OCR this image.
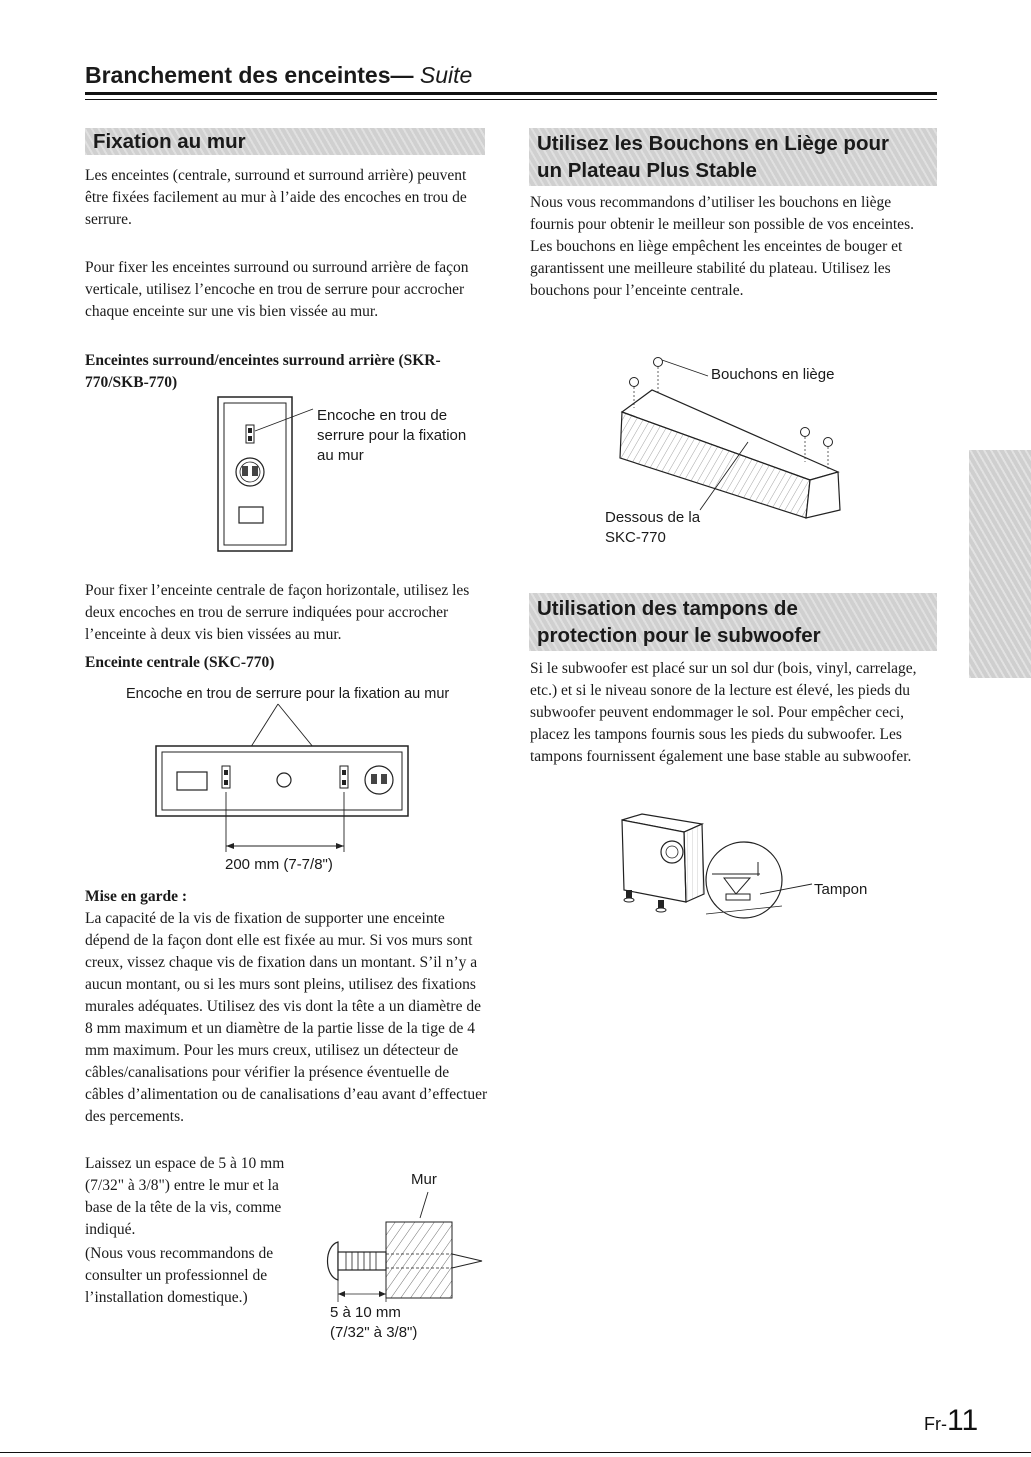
Branchement des enceintes— Suite
Fixation au mur

Les enceintes (centrale, surround et surround arrière) peuvent être fixées facilement au mur à l’aide des encoches en trou de serrure.

Pour fixer les enceintes surround ou surround arrière de façon verticale, utilisez l’encoche en trou de serrure pour accrocher chaque enceinte sur une vis bien vissée au mur.

Enceintes surround/enceintes surround arrière (SKR-770/SKB-770)

Encoche en trou de serrure pour la fixation au mur

Pour fixer l’enceinte centrale de façon horizontale, utilisez les deux encoches en trou de serrure indiquées pour accrocher l’enceinte à deux vis bien vissées au mur.

Enceinte centrale (SKC-770)

Encoche en trou de serrure pour la fixation au mur
200 mm (7-7/8")

Mise en garde :

La capacité de la vis de fixation de supporter une enceinte dépend de la façon dont elle est fixée au mur. Si vos murs sont creux, vissez chaque vis de fixation dans un montant. S’il n’y a aucun montant, ou si les murs sont pleins, utilisez des fixations murales adéquates. Utilisez des vis dont la tête a un diamètre de 8 mm maximum et un diamètre de la partie lisse de la tige de 4 mm maximum. Pour les murs creux, utilisez un détecteur de câbles/canalisations pour vérifier la présence éventuelle de câbles d’alimentation ou de canalisations d’eau avant d’effectuer des percements.

Laissez un espace de 5 à 10 mm (7/32" à 3/8") entre le mur et la base de la tête de la vis, comme indiqué.

(Nous vous recommandons de consulter un professionnel de l’installation domestique.)

Mur
5 à 10 mm
(7/32" à 3/8")
Utilisez les Bouchons en Liège pour
un Plateau Plus Stable

Nous vous recommandons d’utiliser les bouchons en liège fournis pour obtenir le meilleur son possible de vos enceintes. Les bouchons en liège empêchent les enceintes de bouger et garantissent une meilleure stabilité du plateau. Utilisez les bouchons pour l’enceinte centrale.

Bouchons en liège
Dessous de la
SKC-770
Utilisation des tampons de
protection pour le subwoofer

Si le subwoofer est placé sur un sol dur (bois, vinyl, carrelage, etc.) et si le niveau sonore de la lecture est élevé, les pieds du subwoofer peuvent endommager le sol. Pour empêcher ceci, placez les tampons fournis sous les pieds du subwoofer. Les tampons fournissent également une base stable au subwoofer.

Tampon
Fr-11
